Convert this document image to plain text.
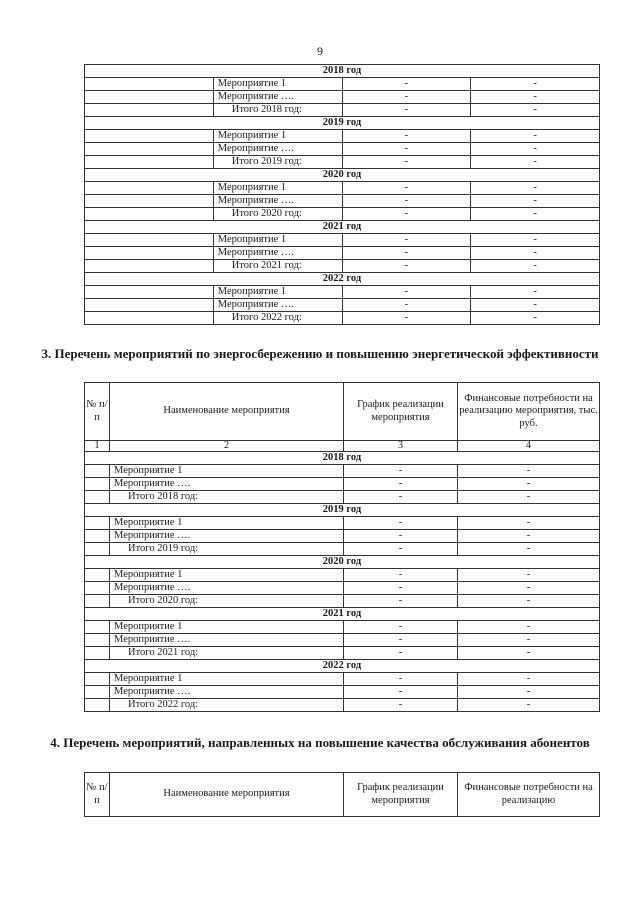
9
2018 год			
	Мероприятие 1	-	-
	Мероприятие ….	-	-
	Итого 2018 год:	-	-
2019 год			
	Мероприятие 1	-	-
	Мероприятие ….	-	-
	Итого 2019 год:	-	-
2020 год			
	Мероприятие 1	-	-
	Мероприятие ….	-	-
	Итого 2020 год:	-	-
2021 год			
	Мероприятие 1	-	-
	Мероприятие ….	-	-
	Итого 2021 год:	-	-
2022 год			
	Мероприятие 1	-	-
	Мероприятие ….	-	-
	Итого 2022 год:	-	-
3. Перечень мероприятий по энергосбережению и повышению энергетической эффективности
№ п/п	Наименование мероприятия	График реализации мероприятия	Финансовые потребности на реализацию мероприятия, тыс. руб.
1	2	3	4
2018 год			
	Мероприятие 1	-	-
	Мероприятие ….	-	-
	Итого 2018 год:	-	-
2019 год			
	Мероприятие 1	-	-
	Мероприятие ….	-	-
	Итого 2019 год:	-	-
2020 год			
	Мероприятие 1	-	-
	Мероприятие ….	-	-
	Итого 2020 год:	-	-
2021 год			
	Мероприятие 1	-	-
	Мероприятие ….	-	-
	Итого 2021 год:	-	-
2022 год			
	Мероприятие 1	-	-
	Мероприятие ….	-	-
	Итого 2022 год:	-	-
4. Перечень мероприятий, направленных на повышение качества обслуживания абонентов
№ п/п	Наименование мероприятия	График реализации мероприятия	Финансовые потребности на реализацию
